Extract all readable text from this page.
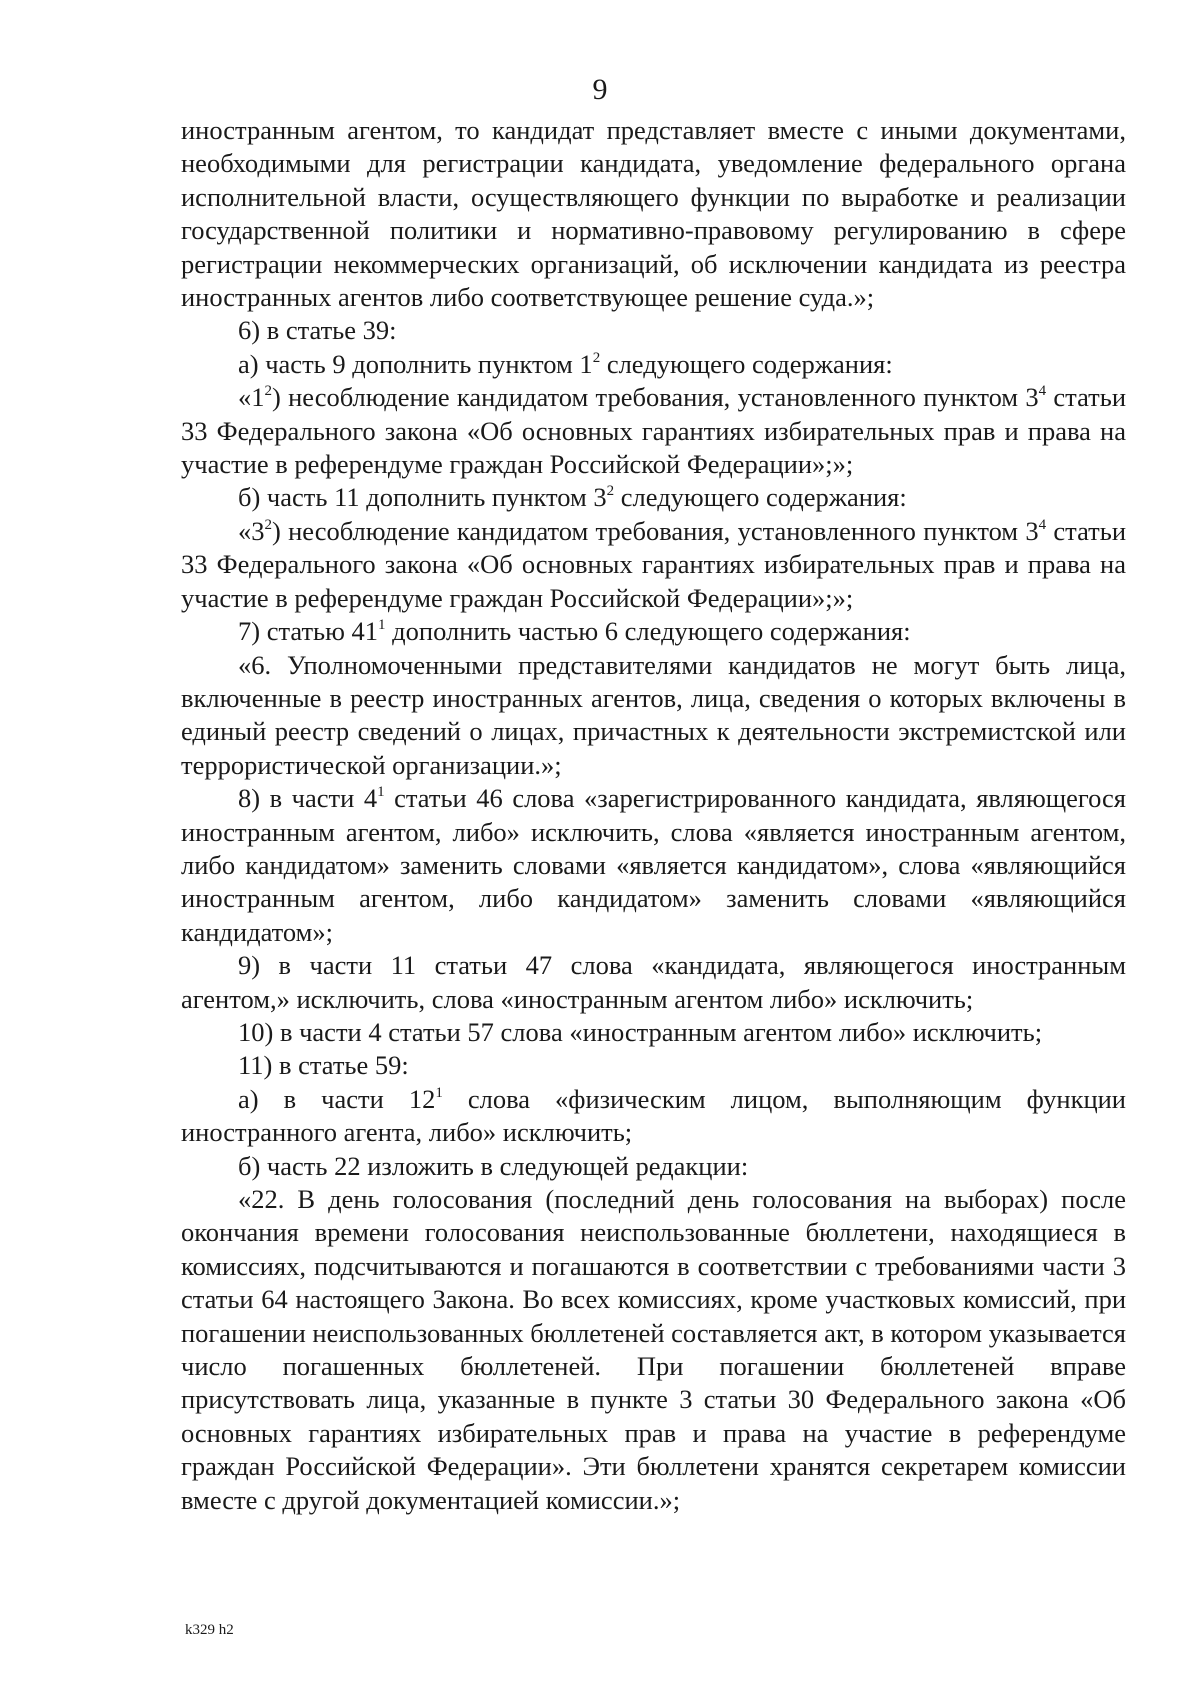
9

иностранным агентом, то кандидат представляет вместе с иными документами, необходимыми для регистрации кандидата, уведомление федерального органа исполнительной власти, осуществляющего функции по выработке и реализации государственной политики и нормативно-правовому регулированию в сфере регистрации некоммерческих организаций, об исключении кандидата из реестра иностранных агентов либо соответствующее решение суда.»;

6) в статье 39:

а) часть 9 дополнить пунктом $1^2$ следующего содержания:

«$1^2$) несоблюдение кандидатом требования, установленного пунктом $3^4$ статьи 33 Федерального закона «Об основных гарантиях избирательных прав и права на участие в референдуме граждан Российской Федерации»;»;

б) часть 11 дополнить пунктом $3^2$ следующего содержания:

«$3^2$) несоблюдение кандидатом требования, установленного пунктом $3^4$ статьи 33 Федерального закона «Об основных гарантиях избирательных прав и права на участие в референдуме граждан Российской Федерации»;»;

7) статью $41^1$ дополнить частью 6 следующего содержания:

«6. Уполномоченными представителями кандидатов не могут быть лица, включенные в реестр иностранных агентов, лица, сведения о которых включены в единый реестр сведений о лицах, причастных к деятельности экстремистской или террористической организации.»;

8) в части $4^1$ статьи 46 слова «зарегистрированного кандидата, являющегося иностранным агентом, либо» исключить, слова «является иностранным агентом, либо кандидатом» заменить словами «является кандидатом», слова «являющийся иностранным агентом, либо кандидатом» заменить словами «являющийся кандидатом»;

9) в части 11 статьи 47 слова «кандидата, являющегося иностранным агентом,» исключить, слова «иностранным агентом либо» исключить;

10) в части 4 статьи 57 слова «иностранным агентом либо» исключить;

11) в статье 59:

а) в части $12^1$ слова «физическим лицом, выполняющим функции иностранного агента, либо» исключить;

б) часть 22 изложить в следующей редакции:

«22. В день голосования (последний день голосования на выборах) после окончания времени голосования неиспользованные бюллетени, находящиеся в комиссиях, подсчитываются и погашаются в соответствии с требованиями части 3 статьи 64 настоящего Закона. Во всех комиссиях, кроме участковых комиссий, при погашении неиспользованных бюллетеней составляется акт, в котором указывается число погашенных бюллетеней. При погашении бюллетеней вправе присутствовать лица, указанные в пункте 3 статьи 30 Федерального закона «Об основных гарантиях избирательных прав и права на участие в референдуме граждан Российской Федерации». Эти бюллетени хранятся секретарем комиссии вместе с другой документацией комиссии.»;

k329 h2
